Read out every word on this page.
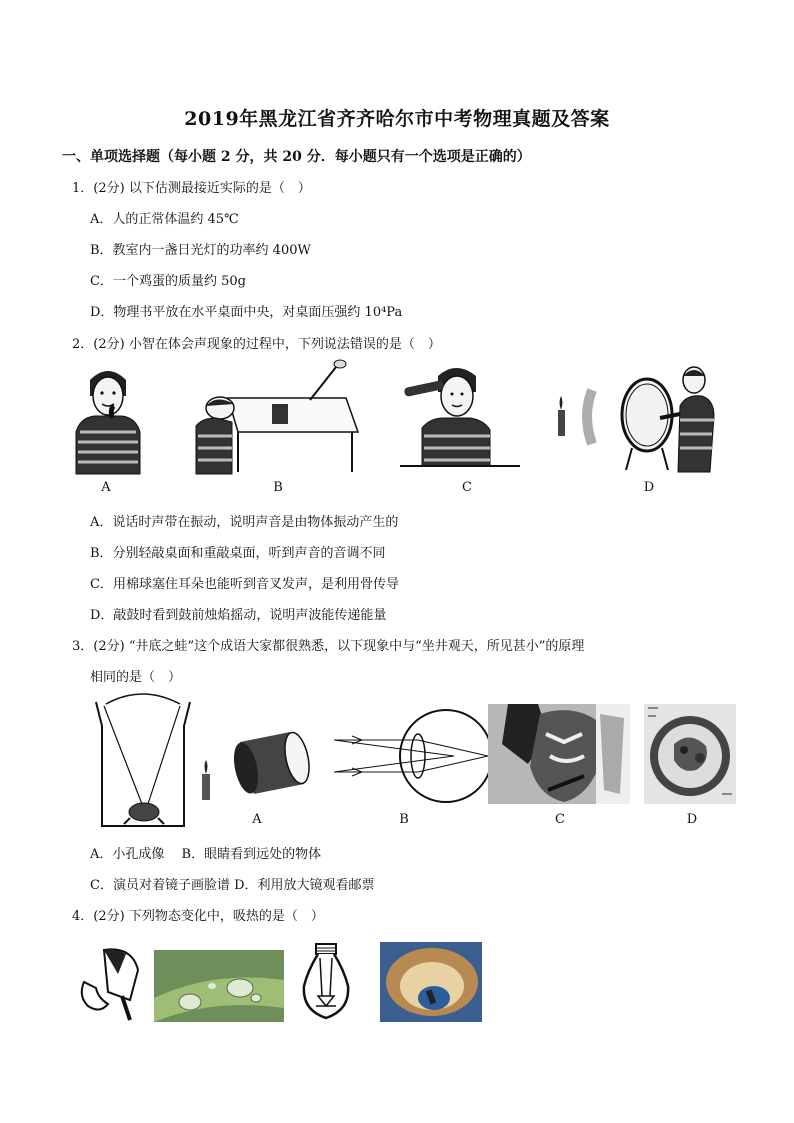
2019年黑龙江省齐齐哈尔市中考物理真题及答案
一、单项选择题（每小题 2 分，共 20 分．每小题只有一个选项是正确的）
1．(2分) 以下估测最接近实际的是（　）
A．人的正常体温约 45℃
B．教室内一盏日光灯的功率约 400W
C．一个鸡蛋的质量约 50g
D．物理书平放在水平桌面中央，对桌面压强约 10⁴Pa
2．(2分) 小智在体会声现象的过程中，下列说法错误的是（　）
A	B	C	D
A．说话时声带在振动，说明声音是由物体振动产生的
B．分别轻敲桌面和重敲桌面，听到声音的音调不同
C．用棉球塞住耳朵也能听到音叉发声，是利用骨传导
D．敲鼓时看到鼓前烛焰摇动，说明声波能传递能量
3．(2分) “井底之蛙”这个成语大家都很熟悉，以下现象中与“坐井观天，所见甚小”的原理
相同的是（　）
A	B	C	D
A．小孔成像　 B．眼睛看到远处的物体
C．演员对着镜子画脸谱 D．利用放大镜观看邮票
4．(2分) 下列物态变化中，吸热的是（　）
